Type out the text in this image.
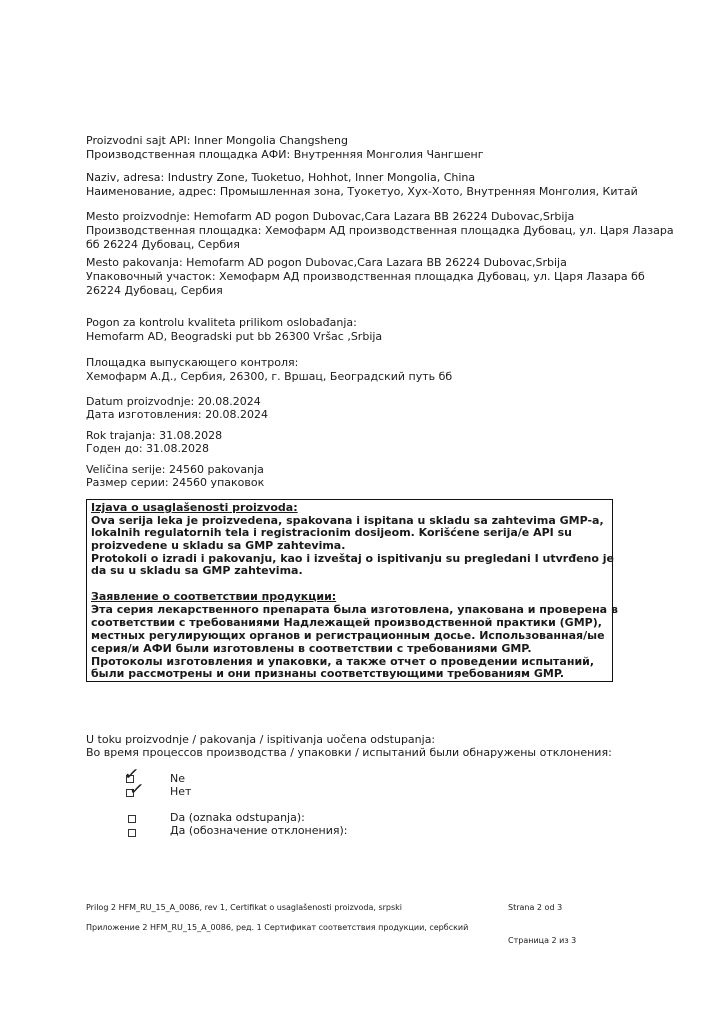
Proizvodni sajt API: Inner Mongolia Changsheng
Производственная площадка АФИ: Внутренняя Монголия Чангшенг
Naziv, adresa: Industry Zone, Tuoketuo, Hohhot, Inner Mongolia, China
Наименование, адрес: Промышленная зона, Туокетуо, Хух-Хото, Внутренняя Монголия, Китай
Mesto proizvodnje: Hemofarm AD pogon Dubovac,Cara Lazara BB 26224 Dubovac,Srbija
Производственная площадка: Хемофарм АД производственная площадка Дубовац, ул. Царя Лазара
бб 26224 Дубовац, Сербия
Mesto pakovanja: Hemofarm AD pogon Dubovac,Cara Lazara BB 26224 Dubovac,Srbija
Упаковочный участок: Хемофарм АД производственная площадка Дубовац, ул. Царя Лазара бб
26224 Дубовац, Сербия
Pogon za kontrolu kvaliteta prilikom oslobađanja:
Hemofarm AD, Beogradski put bb 26300 Vršac ,Srbija
Площадка выпускающего контроля:
Хемофарм А.Д., Сербия, 26300, г. Вршац, Београдский путь бб
Datum proizvodnje: 20.08.2024
Дата изготовления: 20.08.2024
Rok trajanja: 31.08.2028
Годен до: 31.08.2028
Veličina serije: 24560 pakovanja
Размер серии: 24560 упаковок
Izjava o usaglašenosti proizvoda:
Ova serija leka je proizvedena, spakovana i ispitana u skladu sa zahtevima GMP-a,
lokalnih regulatornih tela i registracionim dosijeom. Korišćene serija/e API su
proizvedene u skladu sa GMP zahtevima.
Protokoli o izradi i pakovanju, kao i izveštaj o ispitivanju su pregledani I utvrđeno je
da su u skladu sa GMP zahtevima.
Заявление о соответствии продукции:
Эта серия лекарственного препарата была изготовлена, упакована и проверена в
соответствии с требованиями Надлежащей производственной практики (GMP),
местных регулирующих органов и регистрационным досье. Использованная/ые
серия/и АФИ были изготовлены в соответствии с требованиями GMP.
Протоколы изготовления и упаковки, а также отчет о проведении испытаний,
были рассмотрены и они признаны соответствующими требованиям GMP.
U toku proizvodnje / pakovanja / ispitivanja uočena odstupanja:
Во время процессов производства / упаковки / испытаний были обнаружены отклонения:
✓
✓ Ne
Нет
Da (oznaka odstupanja):
Да (обозначение отклонения):
Prilog 2 HFM_RU_15_A_0086, rev 1, Certifikat o usaglašenosti proizvoda, srpski	Strana 2 od 3
Приложение 2 HFM_RU_15_A_0086, ред. 1 Сертификат соответствия продукции, сербский
Страница 2 из 3
